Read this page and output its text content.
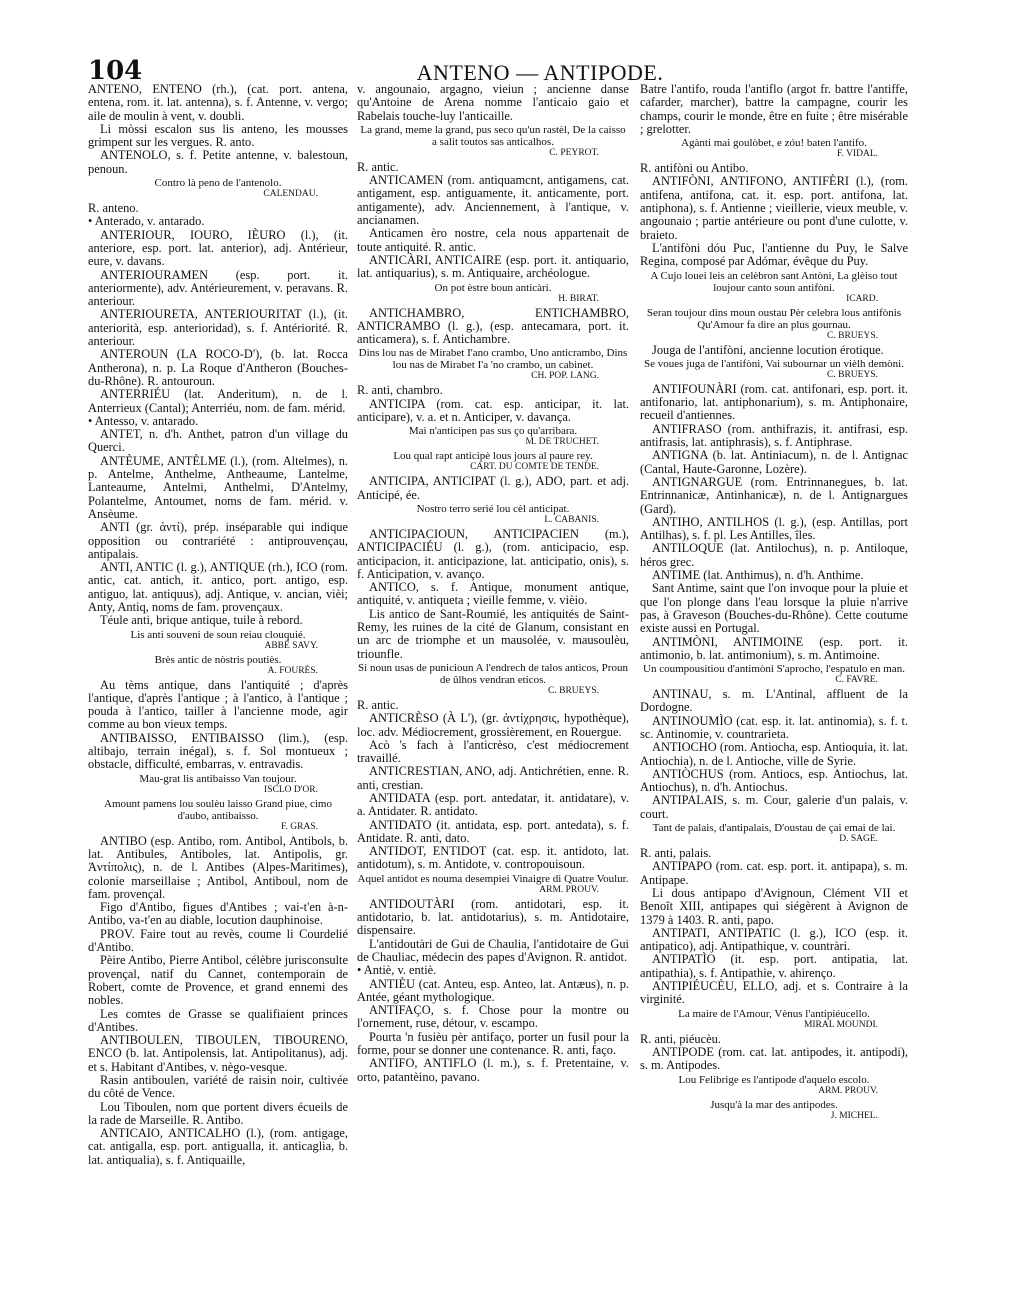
104	ANTENO — ANTIPODE.

ANTENO, ENTENO (rh.), (cat. port. antena, entena, rom. it. lat. antenna), s. f. Antenne, v. vergo; aile de moulin à vent, v. doubli.

Li mòssi escalon sus lis anteno, les mousses grimpent sur les vergues. R. anto.

ANTENOLO, s. f. Petite antenne, v. balestoun, penoun.

Contro là peno de l'antenolo.

CALENDAU.

R. anteno.

• Anterado, v. antarado.

ANTERIOUR, IOURO, IÈURO (l.), (it. anteriore, esp. port. lat. anterior), adj. Antérieur, eure, v. davans.

ANTERIOURAMEN (esp. port. it. anteriormente), adv. Antérieurement, v. peravans. R. anteriour.

ANTERIOURETA, ANTERIOURITAT (l.), (it. anteriorità, esp. anterioridad), s. f. Antériorité. R. anteriour.

ANTEROUN (LA ROCO-D'), (b. lat. Rocca Antherona), n. p. La Roque d'Antheron (Bouches-du-Rhône). R. antouroun.

ANTERRIÉU (lat. Anderitum), n. de l. Anterrieux (Cantal); Anterriéu, nom. de fam. mérid.

• Antesso, v. antarado.

ANTET, n. d'h. Anthet, patron d'un village du Querci.

ANTÈUME, ANTÈLME (l.), (rom. Altelmes), n. p. Antelme, Anthelme, Antheaume, Lantelme, Lanteaume, Antelmi, Anthelmi, D'Antelmy, Polantelme, Antoumet, noms de fam. mérid. v. Ansèume.

ANTI (gr. ἀντί), prép. inséparable qui indique opposition ou contrariété : antiprouvençau, antipalais.

ANTI, ANTIC (l. g.), ANTIQUE (rh.), ICO (rom. antic, cat. antich, it. antico, port. antigo, esp. antiguo, lat. antiquus), adj. Antique, v. ancian, vièi; Anty, Antiq, noms de fam. provençaux.

Téule anti, brique antique, tuile à rebord.

Lis anti souveni de soun reiau clouquié.

ABBÉ SAVY.

Brès antic de nòstris poutiès.

A. FOURÈS.

Au tèms antique, dans l'antiquité ; d'après l'antique, d'après l'antique ; à l'antico, à l'antique ; pouda à l'antico, tailler à l'ancienne mode, agir comme au bon vieux temps.

ANTIBAISSO, ENTIBAISSO (lim.), (esp. altibajo, terrain inégal), s. f. Sol montueux ; obstacle, difficulté, embarras, v. entravadis.

Mau-grat lis antibaisso Van toujour.

ISCLO D'OR.

Amount pamens lou soulèu laisso Grand piue, cimo d'aubo, antibaisso.

F. GRAS.

ANTIBO (esp. Antibo, rom. Antibol, Antibols, b. lat. Antibules, Antiboles, lat. Antipolis, gr. Ἀντίπολις), n. de l. Antibes (Alpes-Maritimes), colonie marseillaise ; Antibol, Antiboul, nom de fam. provençal.

Figo d'Antibo, figues d'Antibes ; vai-t'en à-n-Antibo, va-t'en au diable, locution dauphinoise.

PROV. Faire tout au revès, coume li Courdelié d'Antibo.

Pèire Antibo, Pierre Antibol, célèbre jurisconsulte provençal, natif du Cannet, contemporain de Robert, comte de Provence, et grand ennemi des nobles.

Les comtes de Grasse se qualifiaient princes d'Antibes.

ANTIBOULEN, TIBOULEN, TIBOURENO, ENCO (b. lat. Antipolensis, lat. Antipolitanus), adj. et s. Habitant d'Antibes, v. nègo-vesque.

Rasin antiboulen, variété de raisin noir, cultivée du côté de Vence.

Lou Tiboulen, nom que portent divers écueils de la rade de Marseille. R. Antibo.

ANTICAIO, ANTICALHO (l.), (rom. antigage, cat. antigalla, esp. port. antigualla, it. anticaglia, b. lat. antiqualia), s. f. Antiquaille,

v. angounaio, argagno, vieiun ; ancienne danse qu'Antoine de Arena nomme l'anticaio gaio et Rabelais touche-luy l'anticaille.

La grand, meme la grand, pus seco qu'un rastèl, De la caisso a salit toutos sas anticalhos.

C. PEYROT.

R. antic.

ANTICAMEN (rom. antiquamcnt, antigamens, cat. antigament, esp. antiguamente, it. anticamente, port. antigamente), adv. Anciennement, à l'antique, v. ancianamen.

Anticamen èro nostre, cela nous appartenait de toute antiquité. R. antic.

ANTICÀRI, ANTICAIRE (esp. port. it. antiquario, lat. antiquarius), s. m. Antiquaire, archéologue.

On pot èstre boun anticàri.

H. BIRAT.

ANTICHAMBRO, ENTICHAMBRO, ANTICRAMBO (l. g.), (esp. antecamara, port. it. anticamera), s. f. Antichambre.

Dins lou nas de Mirabet I'ano crambo, Uno anticrambo, Dins lou nas de Mirabet I'a 'no crambo, un cabinet.

CH. POP. LANG.

R. anti, chambro.

ANTICIPA (rom. cat. esp. anticipar, it. lat. anticipare), v. a. et n. Anticiper, v. davança.

Mai n'anticipen pas sus ço qu'arribara.

M. DE TRUCHET.

Lou qual rapt anticipè lous jours al paure rey.

CART. DU COMTE DE TENDE.

ANTICIPA, ANTICIPAT (l. g.), ADO, part. et adj. Anticipé, ée.

Nostro terro serié lou cèl anticipat.

L. CABANIS.

ANTICIPACIOUN, ANTICIPACIEN (m.), ANTICIPACIÉU (l. g.), (rom. anticipacio, esp. anticipacion, it. anticipazione, lat. anticipatio, onis), s. f. Anticipation, v. avanço.

ANTICO, s. f. Antique, monument antique, antiquité, v. antiqueta ; vieille femme, v. vièio.

Lis antico de Sant-Roumié, les antiquités de Saint-Remy, les ruines de la cité de Glanum, consistant en un arc de triomphe et un mausolée, v. mausoulèu, triounfle.

Si noun usas de punicioun A l'endrech de talos anticos, Proun de ûlhos vendran eticos.

C. BRUEYS.

R. antic.

ANTICRÈSO (À L'), (gr. ἀντίχρησις, hypothèque), loc. adv. Médiocrement, grossièrement, en Rouergue.

Acò 's fach à l'anticrèso, c'est médiocrement travaillé.

ANTICRESTIAN, ANO, adj. Antichrétien, enne. R. anti, crestian.

ANTIDATA (esp. port. antedatar, it. antidatare), v. a. Antidater. R. antidato.

ANTIDATO (it. antidata, esp. port. antedata), s. f. Antidate. R. anti, dato.

ANTIDOT, ENTIDOT (cat. esp. it. antidoto, lat. antidotum), s. m. Antidote, v. contropouisoun.

Aquel antidot es nouma desempiei Vinaigre di Quatre Voulur.

ARM. PROUV.

ANTIDOUTÀRI (rom. antidotari, esp. it. antidotario, b. lat. antidotarius), s. m. Antidotaire, dispensaire.

L'antidoutàri de Gui de Chaulia, l'antidotaire de Gui de Chauliac, médecin des papes d'Avignon. R. antidot.

• Antiè, v. entiè.

ANTIÈU (cat. Anteu, esp. Anteo, lat. Antæus), n. p. Antée, géant mythologique.

ANTIFAÇO, s. f. Chose pour la montre ou l'ornement, ruse, détour, v. escampo.

Pourta 'n fusièu pèr antifaço, porter un fusil pour la forme, pour se donner une contenance. R. anti, faço.

ANTIFO, ANTIFLO (l. m.), s. f. Pretentaine, v. orto, patantèino, pavano.

Batre l'antifo, rouda l'antiflo (argot fr. battre l'antiffe, cafarder, marcher), battre la campagne, courir les champs, courir le monde, être en fuite ; être misérable ; grelotter.

Agànti mai goulòbet, e zóu! baten l'antifo.

F. VIDAL.

R. antifòni ou Antibo.

ANTIFÒNI, ANTIFONO, ANTIFÈRI (l.), (rom. antifena, antifona, cat. it. esp. port. antifona, lat. antiphona), s. f. Antienne ; vieillerie, vieux meuble, v. angounaio ; partie antérieure ou pont d'une culotte, v. braieto.

L'antifòni dóu Puc, l'antienne du Puy, le Salve Regina, composé par Adómar, évêque du Puy.

A Cujo louei leis an celèbron sant Antòni, La glèiso tout loujour canto soun antifòni.

ICARD.

Seran toujour dins moun oustau Pèr celebra lous antifònis Qu'Amour fa dire an plus gournau.

C. BRUEYS.

Jouga de l'antifòni, ancienne locution érotique.

Se voues juga de l'antifòni, Vai subournar un vièlh demòni.

C. BRUEYS.

ANTIFOUNÀRI (rom. cat. antifonari, esp. port. it. antifonario, lat. antiphonarium), s. m. Antiphonaire, recueil d'antiennes.

ANTIFRASO (rom. anthifrazis, it. antifrasi, esp. antifrasis, lat. antiphrasis), s. f. Antiphrase.

ANTIGNA (b. lat. Antiniacum), n. de l. Antignac (Cantal, Haute-Garonne, Lozère).

ANTIGNARGUE (rom. Entrinnanegues, b. lat. Entrinnanicæ, Antinhanicæ), n. de l. Antignargues (Gard).

ANTIHO, ANTILHOS (l. g.), (esp. Antillas, port Antilhas), s. f. pl. Les Antilles, îles.

ANTILOQUE (lat. Antilochus), n. p. Antiloque, héros grec.

ANTIME (lat. Anthimus), n. d'h. Anthime.

Sant Antime, saint que l'on invoque pour la pluie et que l'on plonge dans l'eau lorsque la pluie n'arrive pas, à Graveson (Bouches-du-Rhône). Cette coutume existe aussi en Portugal.

ANTIMÒNI, ANTIMOINE (esp. port. it. antimonio, b. lat. antimonium), s. m. Antimoine.

Un coumpousitiou d'antimòni S'aprocho, l'espatulo en man.

C. FAVRE.

ANTINAU, s. m. L'Antinal, affluent de la Dordogne.

ANTINOUMÌO (cat. esp. it. lat. antinomia), s. f. t. sc. Antinomie, v. countrarieta.

ANTIOCHO (rom. Antiocha, esp. Antioquia, it. lat. Antiochia), n. de l. Antioche, ville de Syrie.

ANTIÒCHUS (rom. Antiocs, esp. Antiochus, lat. Antiochus), n. d'h. Antiochus.

ANTIPALAIS, s. m. Cour, galerie d'un palais, v. court.

Tant de palais, d'antipalais, D'oustau de çai emai de lai.

D. SAGE.

R. anti, palais.

ANTIPAPO (rom. cat. esp. port. it. antipapa), s. m. Antipape.

Li dous antipapo d'Avignoun, Clément VII et Benoît XIII, antipapes qui siégèrent à Avignon de 1379 à 1403. R. anti, papo.

ANTIPATI, ANTIPATIC (l. g.), ICO (esp. it. antipatico), adj. Antipathique, v. countràri.

ANTIPATÌO (it. esp. port. antipatia, lat. antipathia), s. f. Antipathie, v. ahirenço.

ANTIPIÉUCÈU, ELLO, adj. et s. Contraire à la virginité.

La maire de l'Amour, Vènus l'antipiéucello.

MIRAL MOUNDI.

R. anti, piéucèu.

ANTIPODE (rom. cat. lat. antipodes, it. antipodi), s. m. Antipodes.

Lou Felibrige es l'antipode d'aquelo escolo.

ARM. PROUV.

Jusqu'à la mar des antipodes.

J. MICHEL.
